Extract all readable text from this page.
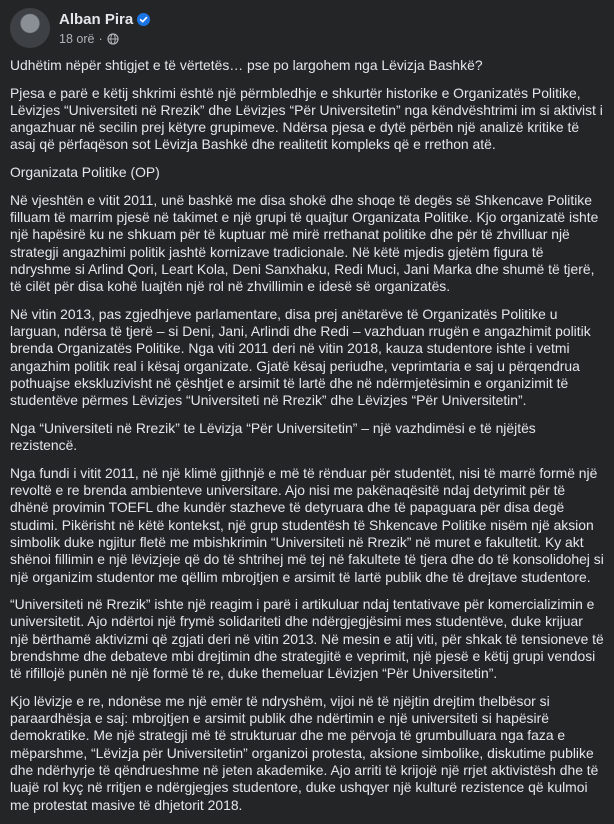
Alban Pira
18 orë ·

Udhëtim nëpër shtigjet e të vërtetës… pse po largohem nga Lëvizja Bashkë?

Pjesa e parë e këtij shkrimi është një përmbledhje e shkurtër historike e Organizatës Politike, Lëvizjes “Universiteti në Rrezik” dhe Lëvizjes “Për Universitetin” nga këndvështrimi im si aktivist i angazhuar në secilin prej këtyre grupimeve. Ndërsa pjesa e dytë përbën një analizë kritike të asaj që përfaqëson sot Lëvizja Bashkë dhe realitetit kompleks që e rrethon atë.

Organizata Politike (OP)

Në vjeshtën e vitit 2011, unë bashkë me disa shokë dhe shoqe të degës së Shkencave Politike filluam të marrim pjesë në takimet e një grupi të quajtur Organizata Politike. Kjo organizatë ishte një hapësirë ku ne shkuam për të kuptuar më mirë rrethanat politike dhe për të zhvilluar një strategji angazhimi politik jashtë kornizave tradicionale. Në këtë mjedis gjetëm figura të ndryshme si Arlind Qori, Leart Kola, Deni Sanxhaku, Redi Muci, Jani Marka dhe shumë të tjerë, të cilët për disa kohë luajtën një rol në zhvillimin e idesë së organizatës.

Në vitin 2013, pas zgjedhjeve parlamentare, disa prej anëtarëve të Organizatës Politike u larguan, ndërsa të tjerë – si Deni, Jani, Arlindi dhe Redi – vazhduan rrugën e angazhimit politik brenda Organizatës Politike. Nga viti 2011 deri në vitin 2018, kauza studentore ishte i vetmi angazhim politik real i kësaj organizate. Gjatë kësaj periudhe, veprimtaria e saj u përqendrua pothuajse ekskluzivisht në çështjet e arsimit të lartë dhe në ndërmjetësimin e organizimit të studentëve përmes Lëvizjes “Universiteti në Rrezik” dhe Lëvizjes “Për Universitetin”.

Nga “Universiteti në Rrezik” te Lëvizja “Për Universitetin” – një vazhdimësi e të njëjtës rezistencë.

Nga fundi i vitit 2011, në një klimë gjithnjë e më të rënduar për studentët, nisi të marrë formë një revoltë e re brenda ambienteve universitare. Ajo nisi me pakënaqësitë ndaj detyrimit për të dhënë provimin TOEFL dhe kundër stazheve të detyruara dhe të papaguara për disa degë studimi. Pikërisht në këtë kontekst, një grup studentësh të Shkencave Politike nisëm një aksion simbolik duke ngjitur fletë me mbishkrimin “Universiteti në Rrezik” në muret e fakultetit. Ky akt shënoi fillimin e një lëvizjeje që do të shtrihej më tej në fakultete të tjera dhe do të konsolidohej si një organizim studentor me qëllim mbrojtjen e arsimit të lartë publik dhe të drejtave studentore.

“Universiteti në Rrezik” ishte një reagim i parë i artikuluar ndaj tentativave për komercializimin e universitetit. Ajo ndërtoi një frymë solidariteti dhe ndërgjegjësimi mes studentëve, duke krijuar një bërthamë aktivizmi që zgjati deri në vitin 2013. Në mesin e atij viti, për shkak të tensioneve të brendshme dhe debateve mbi drejtimin dhe strategjitë e veprimit, një pjesë e këtij grupi vendosi të rifillojë punën në një formë të re, duke themeluar Lëvizjen “Për Universitetin”.

Kjo lëvizje e re, ndonëse me një emër të ndryshëm, vijoi në të njëjtin drejtim thelbësor si paraardhësja e saj: mbrojtjen e arsimit publik dhe ndërtimin e një universiteti si hapësirë demokratike. Me një strategji më të strukturuar dhe me përvoja të grumbulluara nga faza e mëparshme, “Lëvizja për Universitetin” organizoi protesta, aksione simbolike, diskutime publike dhe ndërhyrje të qëndrueshme në jeten akademike. Ajo arriti të krijojë një rrjet aktivistësh dhe të luajë rol kyç në rritjen e ndërgjegjes studentore, duke ushqyer një kulturë rezistence që kulmoi me protestat masive të dhjetorit 2018.
